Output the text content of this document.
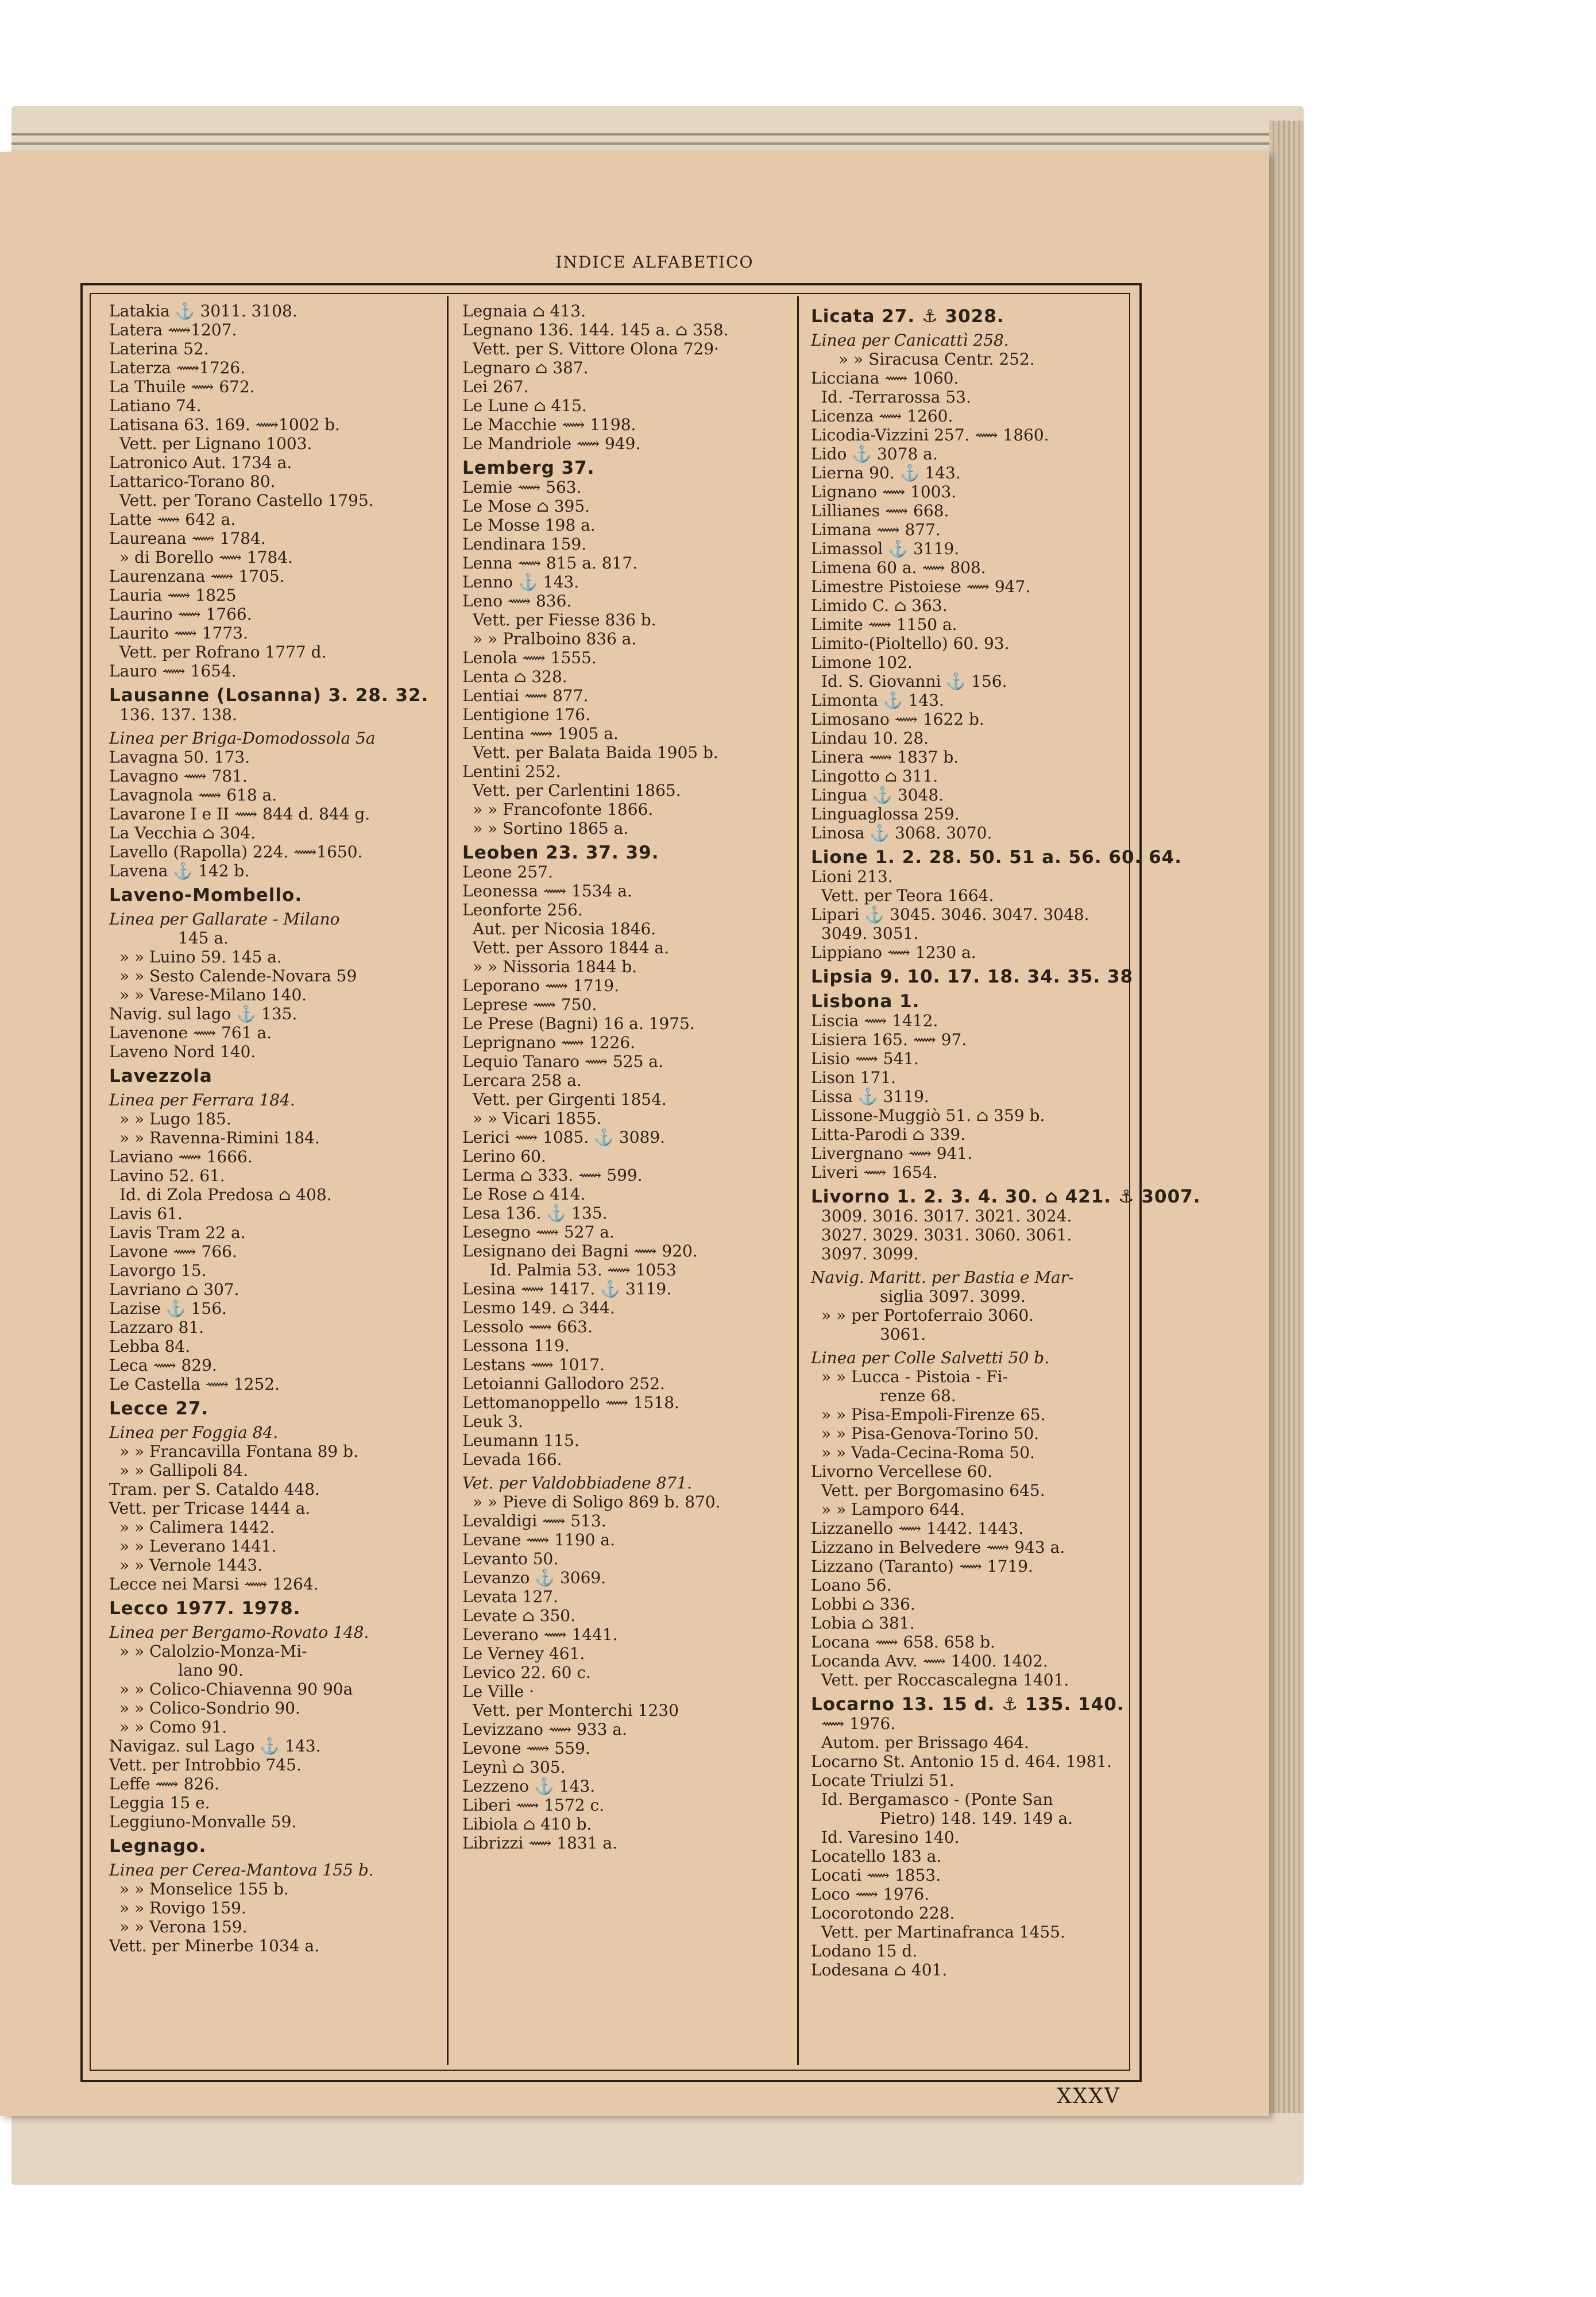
INDICE ALFABETICO
Latakia ⚓ 3011. 3108.
Latera ⟿1207.
Laterina 52.
Laterza ⟿1726.
La Thuile ⟿ 672.
Latiano 74.
Latisana 63. 169. ⟿1002 b.
Vett. per Lignano 1003.
Latronico Aut. 1734 a.
Lattarico-Torano 80.
Vett. per Torano Castello 1795.
Latte ⟿ 642 a.
Laureana ⟿ 1784.
» di Borello ⟿ 1784.
Laurenzana ⟿ 1705.
Lauria ⟿ 1825
Laurino ⟿ 1766.
Laurito ⟿ 1773.
Vett. per Rofrano 1777 d.
Lauro ⟿ 1654.
Lausanne (Losanna) 3. 28. 32.
136. 137. 138.
Linea per Briga-Domodossola 5a
Lavagna 50. 173.
Lavagno ⟿ 781.
Lavagnola ⟿ 618 a.
Lavarone I e II ⟿ 844 d. 844 g.
La Vecchia ⌂ 304.
Lavello (Rapolla) 224. ⟿1650.
Lavena ⚓ 142 b.
Laveno-Mombello.
Linea per Gallarate - Milano
145 a.
» » Luino 59. 145 a.
» » Sesto Calende-Novara 59
» » Varese-Milano 140.
Navig. sul lago ⚓ 135.
Lavenone ⟿ 761 a.
Laveno Nord 140.
Lavezzola
Linea per Ferrara 184.
» » Lugo 185.
» » Ravenna-Rimini 184.
Laviano ⟿ 1666.
Lavino 52. 61.
Id. di Zola Predosa ⌂ 408.
Lavis 61.
Lavis Tram 22 a.
Lavone ⟿ 766.
Lavorgo 15.
Lavriano ⌂ 307.
Lazise ⚓ 156.
Lazzaro 81.
Lebba 84.
Leca ⟿ 829.
Le Castella ⟿ 1252.
Lecce 27.
Linea per Foggia 84.
» » Francavilla Fontana 89 b.
» » Gallipoli 84.
Tram. per S. Cataldo 448.
Vett. per Tricase 1444 a.
» » Calimera 1442.
» » Leverano 1441.
» » Vernole 1443.
Lecce nei Marsi ⟿ 1264.
Lecco 1977. 1978.
Linea per Bergamo-Rovato 148.
» » Calolzio-Monza-Mi-
lano 90.
» » Colico-Chiavenna 90 90a
» » Colico-Sondrio 90.
» » Como 91.
Navigaz. sul Lago ⚓ 143.
Vett. per Introbbio 745.
Leffe ⟿ 826.
Leggia 15 e.
Leggiuno-Monvalle 59.
Legnago.
Linea per Cerea-Mantova 155 b.
» » Monselice 155 b.
» » Rovigo 159.
» » Verona 159.
Vett. per Minerbe 1034 a.
Legnaia ⌂ 413.
Legnano 136. 144. 145 a. ⌂ 358.
Vett. per S. Vittore Olona 729·
Legnaro ⌂ 387.
Lei 267.
Le Lune ⌂ 415.
Le Macchie ⟿ 1198.
Le Mandriole ⟿ 949.
Lemberg 37.
Lemie ⟿ 563.
Le Mose ⌂ 395.
Le Mosse 198 a.
Lendinara 159.
Lenna ⟿ 815 a. 817.
Lenno ⚓ 143.
Leno ⟿ 836.
Vett. per Fiesse 836 b.
» » Pralboino 836 a.
Lenola ⟿ 1555.
Lenta ⌂ 328.
Lentiai ⟿ 877.
Lentigione 176.
Lentina ⟿ 1905 a.
Vett. per Balata Baida 1905 b.
Lentini 252.
Vett. per Carlentini 1865.
» » Francofonte 1866.
» » Sortino 1865 a.
Leoben 23. 37. 39.
Leone 257.
Leonessa ⟿ 1534 a.
Leonforte 256.
Aut. per Nicosia 1846.
Vett. per Assoro 1844 a.
» » Nissoria 1844 b.
Leporano ⟿ 1719.
Leprese ⟿ 750.
Le Prese (Bagni) 16 a. 1975.
Leprignano ⟿ 1226.
Lequio Tanaro ⟿ 525 a.
Lercara 258 a.
Vett. per Girgenti 1854.
» » Vicari 1855.
Lerici ⟿ 1085. ⚓ 3089.
Lerino 60.
Lerma ⌂ 333. ⟿ 599.
Le Rose ⌂ 414.
Lesa 136. ⚓ 135.
Lesegno ⟿ 527 a.
Lesignano dei Bagni ⟿ 920.
Id. Palmia 53. ⟿ 1053
Lesina ⟿ 1417. ⚓ 3119.
Lesmo 149. ⌂ 344.
Lessolo ⟿ 663.
Lessona 119.
Lestans ⟿ 1017.
Letoianni Gallodoro 252.
Lettomanoppello ⟿ 1518.
Leuk 3.
Leumann 115.
Levada 166.
Vet. per Valdobbiadene 871.
» » Pieve di Soligo 869 b. 870.
Levaldigi ⟿ 513.
Levane ⟿ 1190 a.
Levanto 50.
Levanzo ⚓ 3069.
Levata 127.
Levate ⌂ 350.
Leverano ⟿ 1441.
Le Verney 461.
Levico 22. 60 c.
Le Ville ·
Vett. per Monterchi 1230
Levizzano ⟿ 933 a.
Levone ⟿ 559.
Leynì ⌂ 305.
Lezzeno ⚓ 143.
Liberi ⟿ 1572 c.
Libiola ⌂ 410 b.
Librizzi ⟿ 1831 a.
Licata 27. ⚓ 3028.
Linea per Canicattì 258.
» » Siracusa Centr. 252.
Licciana ⟿ 1060.
Id. -Terrarossa 53.
Licenza ⟿ 1260.
Licodia-Vizzini 257. ⟿ 1860.
Lido ⚓ 3078 a.
Lierna 90. ⚓ 143.
Lignano ⟿ 1003.
Lillianes ⟿ 668.
Limana ⟿ 877.
Limassol ⚓ 3119.
Limena 60 a. ⟿ 808.
Limestre Pistoiese ⟿ 947.
Limido C. ⌂ 363.
Limite ⟿ 1150 a.
Limito-(Pioltello) 60. 93.
Limone 102.
Id. S. Giovanni ⚓ 156.
Limonta ⚓ 143.
Limosano ⟿ 1622 b.
Lindau 10. 28.
Linera ⟿ 1837 b.
Lingotto ⌂ 311.
Lingua ⚓ 3048.
Linguaglossa 259.
Linosa ⚓ 3068. 3070.
Lione 1. 2. 28. 50. 51 a. 56. 60. 64.
Lioni 213.
Vett. per Teora 1664.
Lipari ⚓ 3045. 3046. 3047. 3048.
3049. 3051.
Lippiano ⟿ 1230 a.
Lipsia 9. 10. 17. 18. 34. 35. 38
Lisbona 1.
Liscia ⟿ 1412.
Lisiera 165. ⟿ 97.
Lisio ⟿ 541.
Lison 171.
Lissa ⚓ 3119.
Lissone-Muggiò 51. ⌂ 359 b.
Litta-Parodi ⌂ 339.
Livergnano ⟿ 941.
Liveri ⟿ 1654.
Livorno 1. 2. 3. 4. 30. ⌂ 421. ⚓ 3007.
3009. 3016. 3017. 3021. 3024.
3027. 3029. 3031. 3060. 3061.
3097. 3099.
Navig. Maritt. per Bastia e Mar-
siglia 3097. 3099.
» » per Portoferraio 3060.
3061.
Linea per Colle Salvetti 50 b.
» » Lucca - Pistoia - Fi-
renze 68.
» » Pisa-Empoli-Firenze 65.
» » Pisa-Genova-Torino 50.
» » Vada-Cecina-Roma 50.
Livorno Vercellese 60.
Vett. per Borgomasino 645.
» » Lamporo 644.
Lizzanello ⟿ 1442. 1443.
Lizzano in Belvedere ⟿ 943 a.
Lizzano (Taranto) ⟿ 1719.
Loano 56.
Lobbi ⌂ 336.
Lobia ⌂ 381.
Locana ⟿ 658. 658 b.
Locanda Avv. ⟿ 1400. 1402.
Vett. per Roccascalegna 1401.
Locarno 13. 15 d. ⚓ 135. 140.
⟿ 1976.
Autom. per Brissago 464.
Locarno St. Antonio 15 d. 464. 1981.
Locate Triulzi 51.
Id. Bergamasco - (Ponte San
Pietro) 148. 149. 149 a.
Id. Varesino 140.
Locatello 183 a.
Locati ⟿ 1853.
Loco ⟿ 1976.
Locorotondo 228.
Vett. per Martinafranca 1455.
Lodano 15 d.
Lodesana ⌂ 401.
XXXV
